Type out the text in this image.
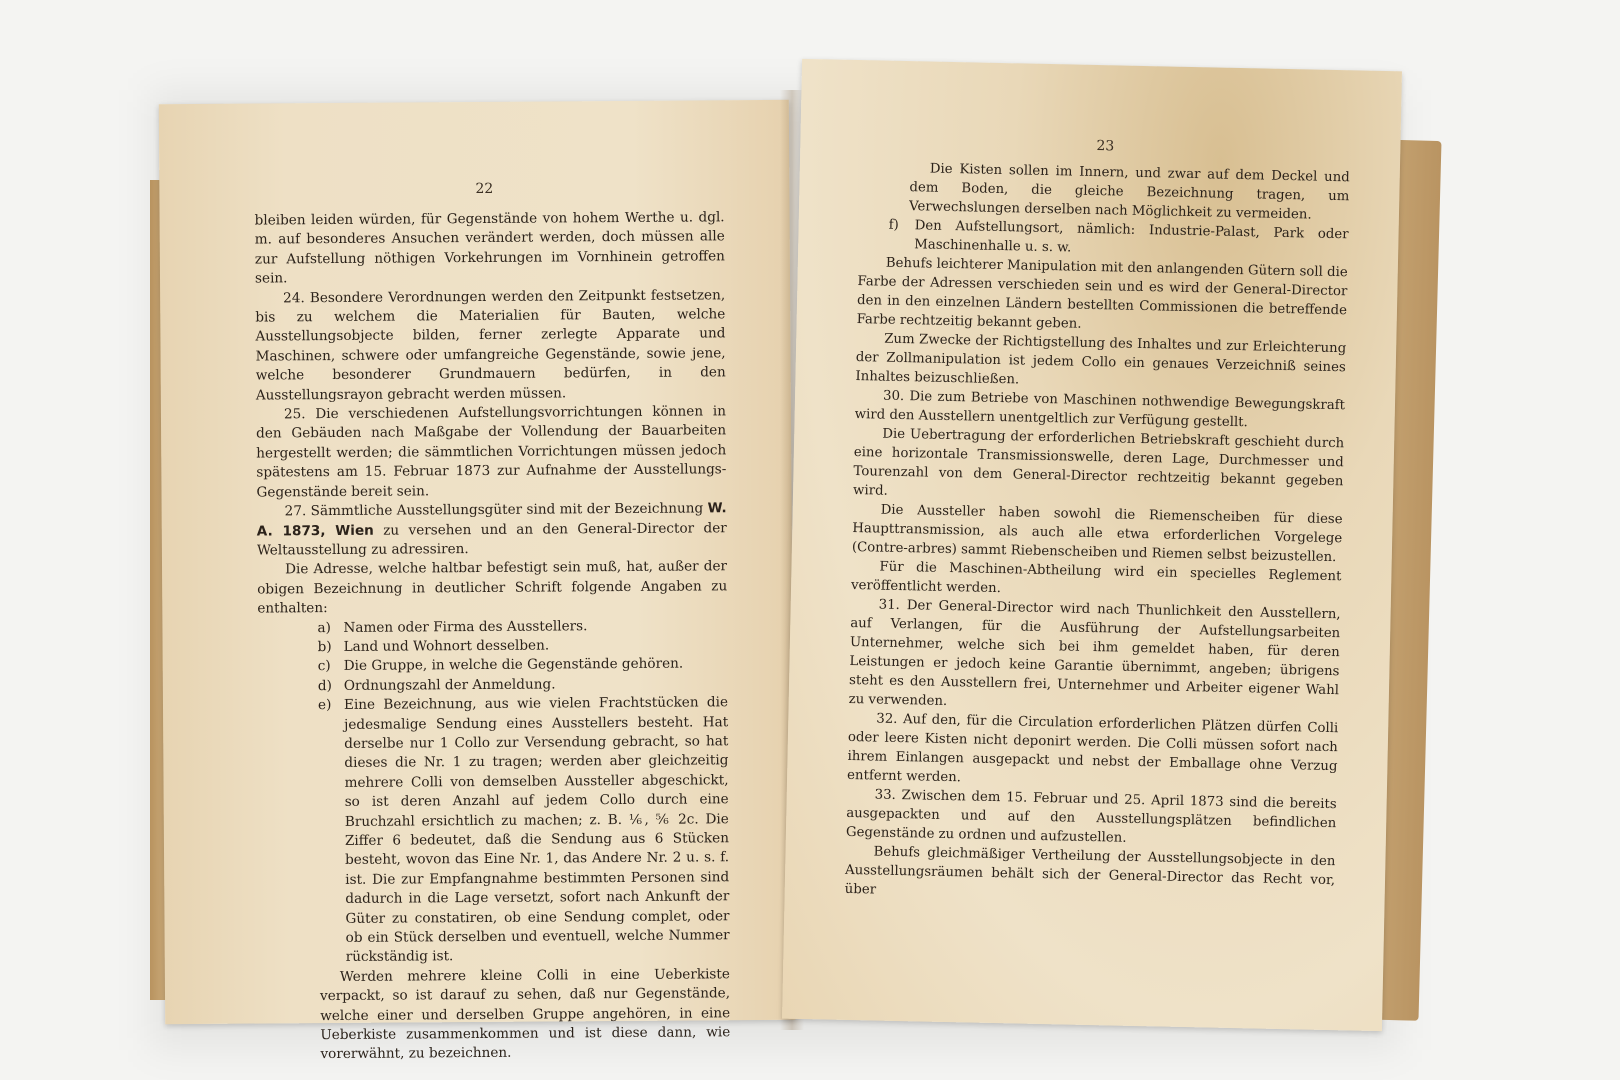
22

bleiben leiden würden, für Gegenstände von hohem Werthe u. dgl. m. auf besonderes Ansuchen verändert werden, doch müssen alle zur Aufstellung nöthigen Vorkehrungen im Vornhinein getroffen sein.

24. Besondere Verordnungen werden den Zeitpunkt festsetzen, bis zu welchem die Materialien für Bauten, welche Ausstellungsobjecte bilden, ferner zerlegte Apparate und Maschinen, schwere oder umfangreiche Gegenstände, sowie jene, welche besonderer Grundmauern bedürfen, in den Ausstellungsrayon gebracht werden müssen.

25. Die verschiedenen Aufstellungsvorrichtungen können in den Gebäuden nach Maßgabe der Vollendung der Bauarbeiten hergestellt werden; die sämmtlichen Vorrichtungen müssen jedoch spätestens am 15. Februar 1873 zur Aufnahme der Ausstellungs-Gegenstände bereit sein.

27. Sämmtliche Ausstellungsgüter sind mit der Bezeichnung W. A. 1873, Wien zu versehen und an den General-Director der Weltausstellung zu adressiren.

Die Adresse, welche haltbar befestigt sein muß, hat, außer der obigen Bezeichnung in deutlicher Schrift folgende Angaben zu enthalten:

a) Namen oder Firma des Ausstellers.
b) Land und Wohnort desselben.
c) Die Gruppe, in welche die Gegenstände gehören.
d) Ordnungszahl der Anmeldung.
e) Eine Bezeichnung, aus wie vielen Frachtstücken die jedesmalige Sendung eines Ausstellers besteht. Hat derselbe nur 1 Collo zur Versendung gebracht, so hat dieses die Nr. 1 zu tragen; werden aber gleichzeitig mehrere Colli von demselben Aussteller abgeschickt, so ist deren Anzahl auf jedem Collo durch eine Bruchzahl ersichtlich zu machen; z. B. ⅙, ⅚ 2c. Die Ziffer 6 bedeutet, daß die Sendung aus 6 Stücken besteht, wovon das Eine Nr. 1, das Andere Nr. 2 u. s. f. ist. Die zur Empfangnahme bestimmten Personen sind dadurch in die Lage versetzt, sofort nach Ankunft der Güter zu constatiren, ob eine Sendung complet, oder ob ein Stück derselben und eventuell, welche Nummer rückständig ist.

Werden mehrere kleine Colli in eine Ueberkiste verpackt, so ist darauf zu sehen, daß nur Gegenstände, welche einer und derselben Gruppe angehören, in eine Ueberkiste zusammenkommen und ist diese dann, wie vorerwähnt, zu bezeichnen.

23

Die Kisten sollen im Innern, und zwar auf dem Deckel und dem Boden, die gleiche Bezeichnung tragen, um Verwechslungen derselben nach Möglichkeit zu vermeiden.

f)	Den Aufstellungsort, nämlich: Industrie-Palast, Park oder Maschinenhalle u. s. w.

Behufs leichterer Manipulation mit den anlangenden Gütern soll die Farbe der Adressen verschieden sein und es wird der General-Director den in den einzelnen Ländern bestellten Commissionen die betreffende Farbe rechtzeitig bekannt geben.

Zum Zwecke der Richtigstellung des Inhaltes und zur Erleichterung der Zollmanipulation ist jedem Collo ein genaues Verzeichniß seines Inhaltes beizuschließen.

30. Die zum Betriebe von Maschinen nothwendige Bewegungskraft wird den Ausstellern unentgeltlich zur Verfügung gestellt.

Die Uebertragung der erforderlichen Betriebskraft geschieht durch eine horizontale Transmissionswelle, deren Lage, Durchmesser und Tourenzahl von dem General-Director rechtzeitig bekannt gegeben wird.

Die Aussteller haben sowohl die Riemenscheiben für diese Haupttransmission, als auch alle etwa erforderlichen Vorgelege (Contre-arbres) sammt Riebenscheiben und Riemen selbst beizustellen.

Für die Maschinen-Abtheilung wird ein specielles Reglement veröffentlicht werden.

31. Der General-Director wird nach Thunlichkeit den Ausstellern, auf Verlangen, für die Ausführung der Aufstellungsarbeiten Unternehmer, welche sich bei ihm gemeldet haben, für deren Leistungen er jedoch keine Garantie übernimmt, angeben; übrigens steht es den Ausstellern frei, Unternehmer und Arbeiter eigener Wahl zu verwenden.

32. Auf den, für die Circulation erforderlichen Plätzen dürfen Colli oder leere Kisten nicht deponirt werden. Die Colli müssen sofort nach ihrem Einlangen ausgepackt und nebst der Emballage ohne Verzug entfernt werden.

33. Zwischen dem 15. Februar und 25. April 1873 sind die bereits ausgepackten und auf den Ausstellungsplätzen befindlichen Gegenstände zu ordnen und aufzustellen.

Behufs gleichmäßiger Vertheilung der Ausstellungsobjecte in den Ausstellungsräumen behält sich der General-Director das Recht vor, über
